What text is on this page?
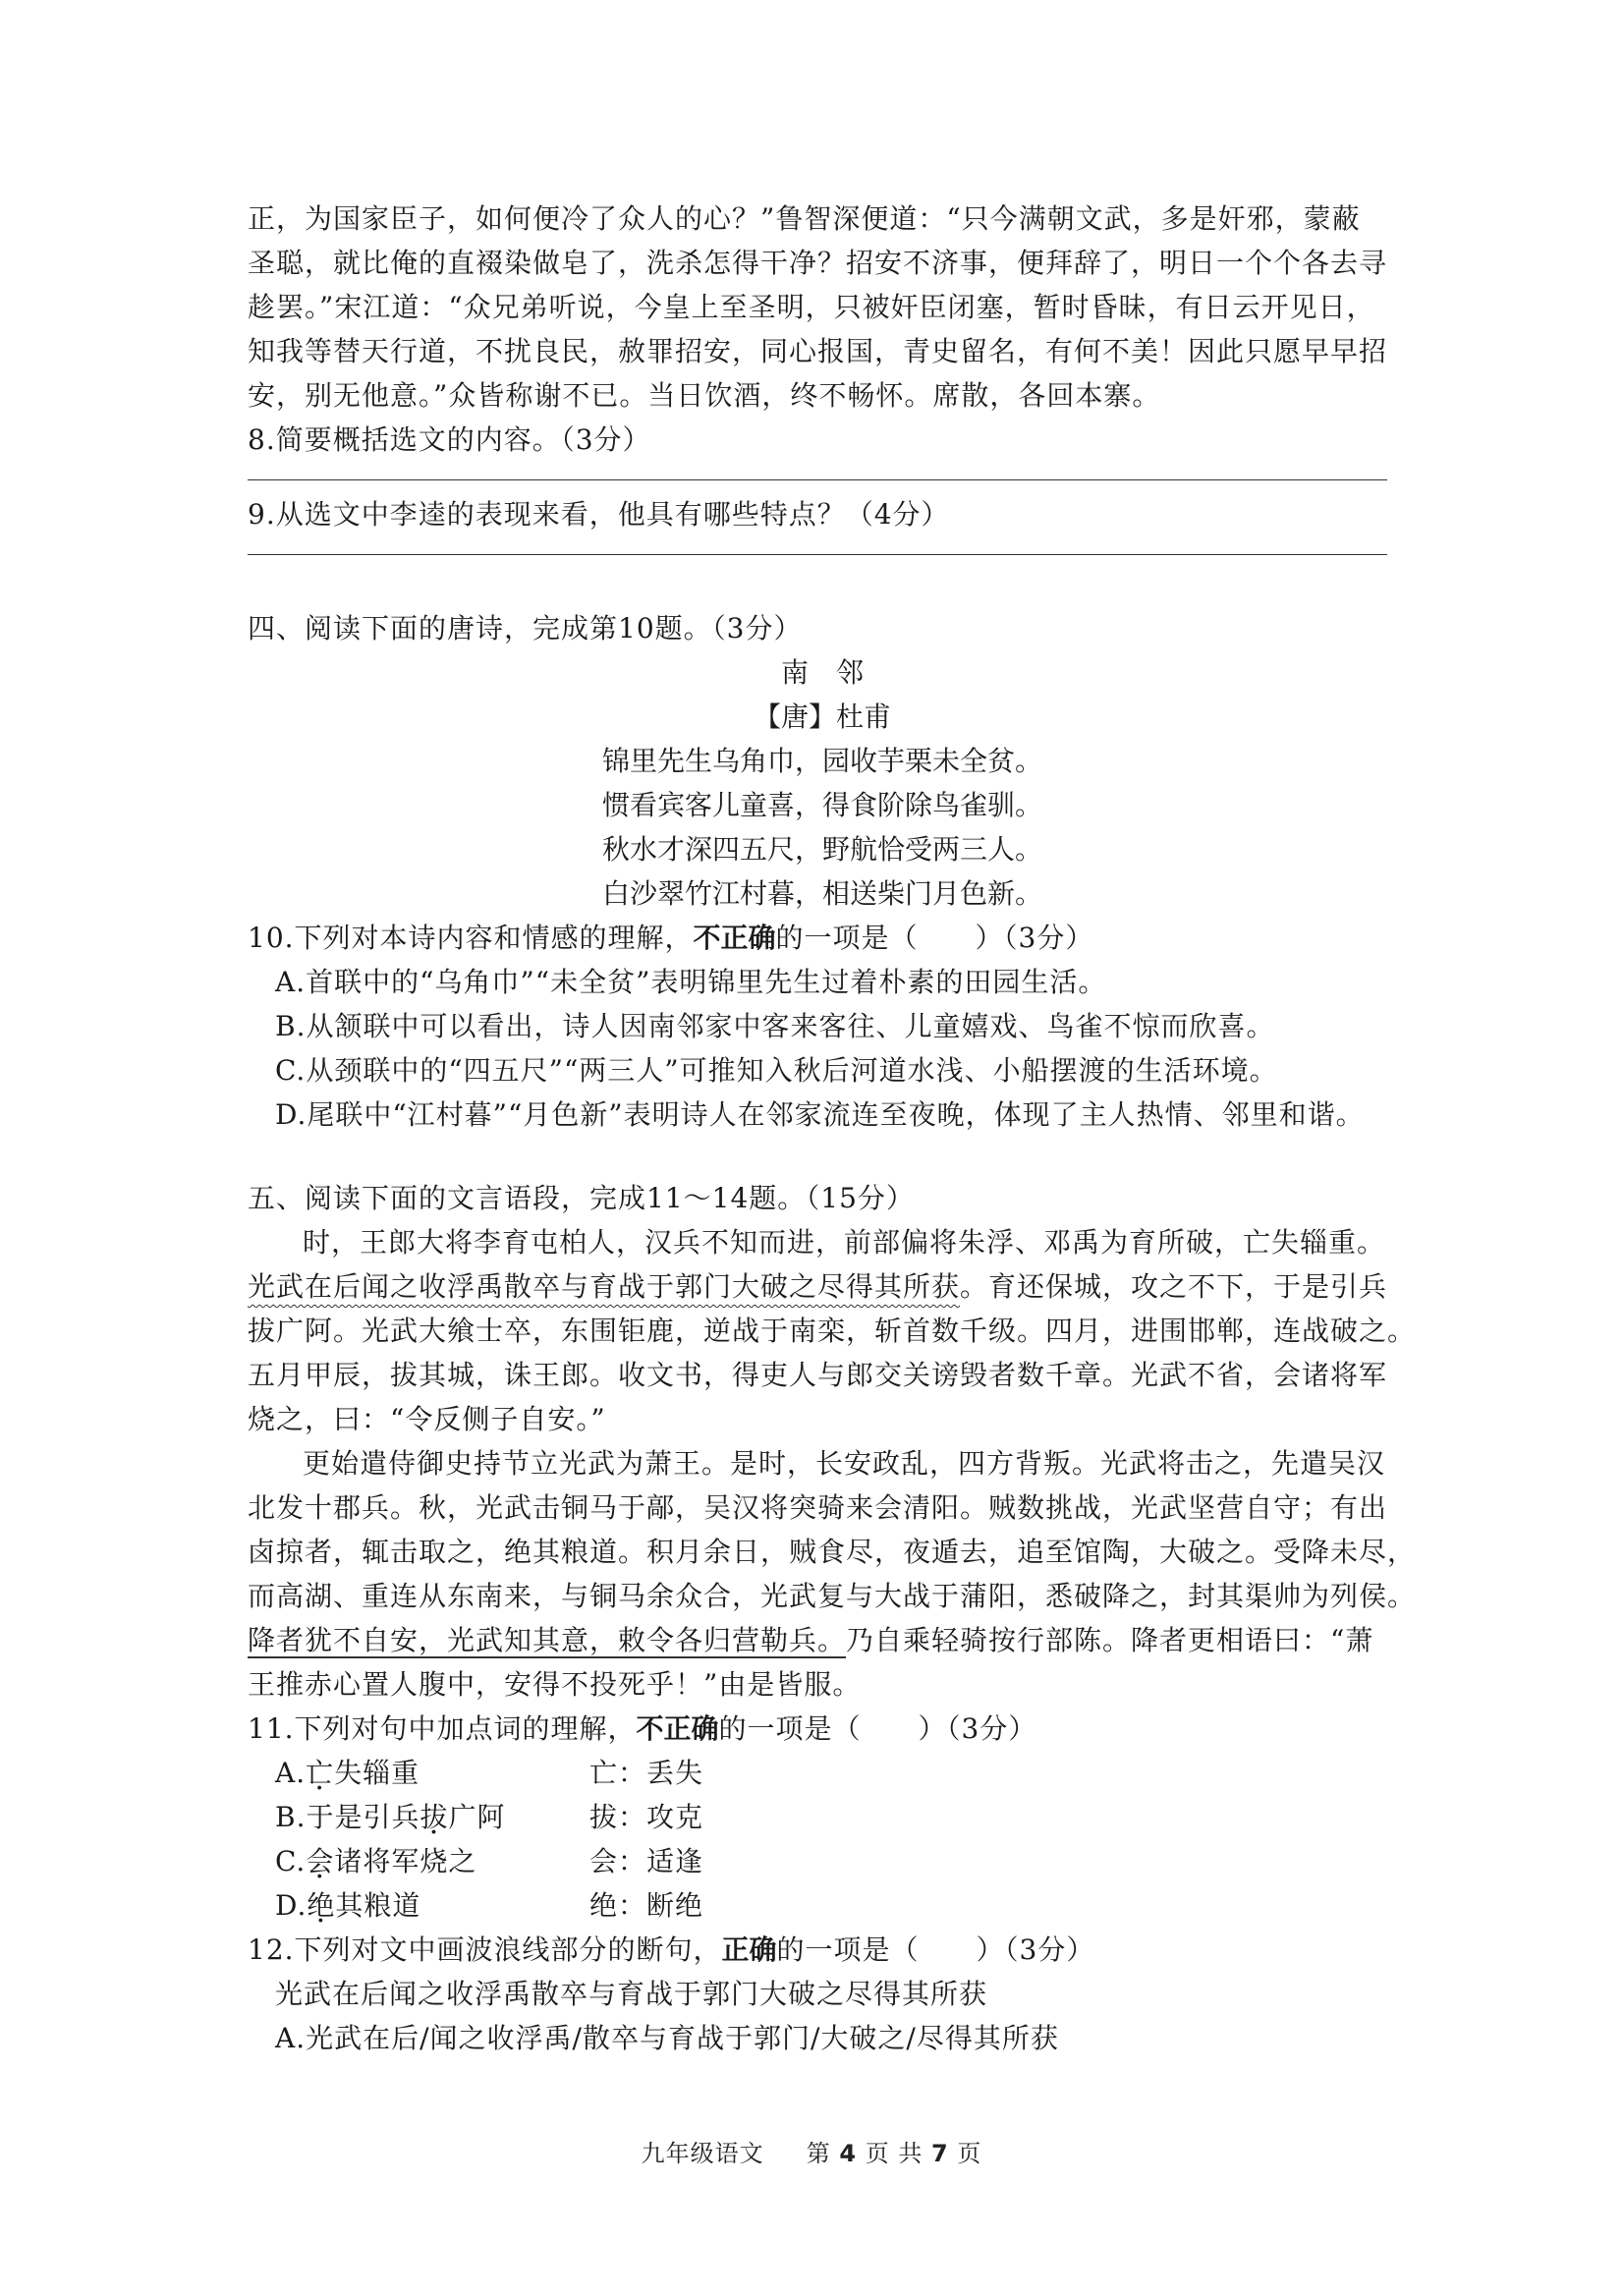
正，为国家臣子，如何便冷了众人的心？”鲁智深便道：“只今满朝文武，多是奸邪，蒙蔽
圣聪，就比俺的直裰染做皂了，洗杀怎得干净？招安不济事，便拜辞了，明日一个个各去寻
趁罢。”宋江道：“众兄弟听说，今皇上至圣明，只被奸臣闭塞，暂时昏昧，有日云开见日，
知我等替天行道，不扰良民，赦罪招安，同心报国，青史留名，有何不美！因此只愿早早招
安，别无他意。”众皆称谢不已。当日饮酒，终不畅怀。席散，各回本寨。
8.简要概括选文的内容。（3分）
9.从选文中李逵的表现来看，他具有哪些特点？（4分）
四、阅读下面的唐诗，完成第10题。（3分）
南　邻
【唐】杜甫
锦里先生乌角巾，园收芋栗未全贫。
惯看宾客儿童喜，得食阶除鸟雀驯。
秋水才深四五尺，野航恰受两三人。
白沙翠竹江村暮，相送柴门月色新。
10.下列对本诗内容和情感的理解，不正确的一项是（　　）（3分）
A.首联中的“乌角巾”“未全贫”表明锦里先生过着朴素的田园生活。
B.从颔联中可以看出，诗人因南邻家中客来客往、儿童嬉戏、鸟雀不惊而欣喜。
C.从颈联中的“四五尺”“两三人”可推知入秋后河道水浅、小船摆渡的生活环境。
D.尾联中“江村暮”“月色新”表明诗人在邻家流连至夜晚，体现了主人热情、邻里和谐。
五、阅读下面的文言语段，完成11～14题。（15分）
时，王郎大将李育屯柏人，汉兵不知而进，前部偏将朱浮、邓禹为育所破，亡失辎重。
光武在后闻之收浮禹散卒与育战于郭门大破之尽得其所获。育还保城，攻之不下，于是引兵
拔广阿。光武大飨士卒，东围钜鹿，逆战于南栾，斩首数千级。四月，进围邯郸，连战破之。
五月甲辰，拔其城，诛王郎。收文书，得吏人与郎交关谤毁者数千章。光武不省，会诸将军
烧之，曰：“令反侧子自安。”
更始遣侍御史持节立光武为萧王。是时，长安政乱，四方背叛。光武将击之，先遣吴汉
北发十郡兵。秋，光武击铜马于鄗，吴汉将突骑来会清阳。贼数挑战，光武坚营自守；有出
卤掠者，辄击取之，绝其粮道。积月余日，贼食尽，夜遁去，追至馆陶，大破之。受降未尽，
而高湖、重连从东南来，与铜马余众合，光武复与大战于蒲阳，悉破降之，封其渠帅为列侯。
降者犹不自安，光武知其意，敕令各归营勒兵。乃自乘轻骑按行部陈。降者更相语曰：“萧
王推赤心置人腹中，安得不投死乎！”由是皆服。
11.下列对句中加点词的理解，不正确的一项是（　　）（3分）
A.亡失辎重	亡：丢失
B.于是引兵拔广阿	拔：攻克
C.会诸将军烧之	会：适逢
D.绝其粮道	绝：断绝
12.下列对文中画波浪线部分的断句，正确的一项是（　　）（3分）
光武在后闻之收浮禹散卒与育战于郭门大破之尽得其所获
A.光武在后/闻之收浮禹/散卒与育战于郭门/大破之/尽得其所获
九年级语文 第 4 页 共 7 页
